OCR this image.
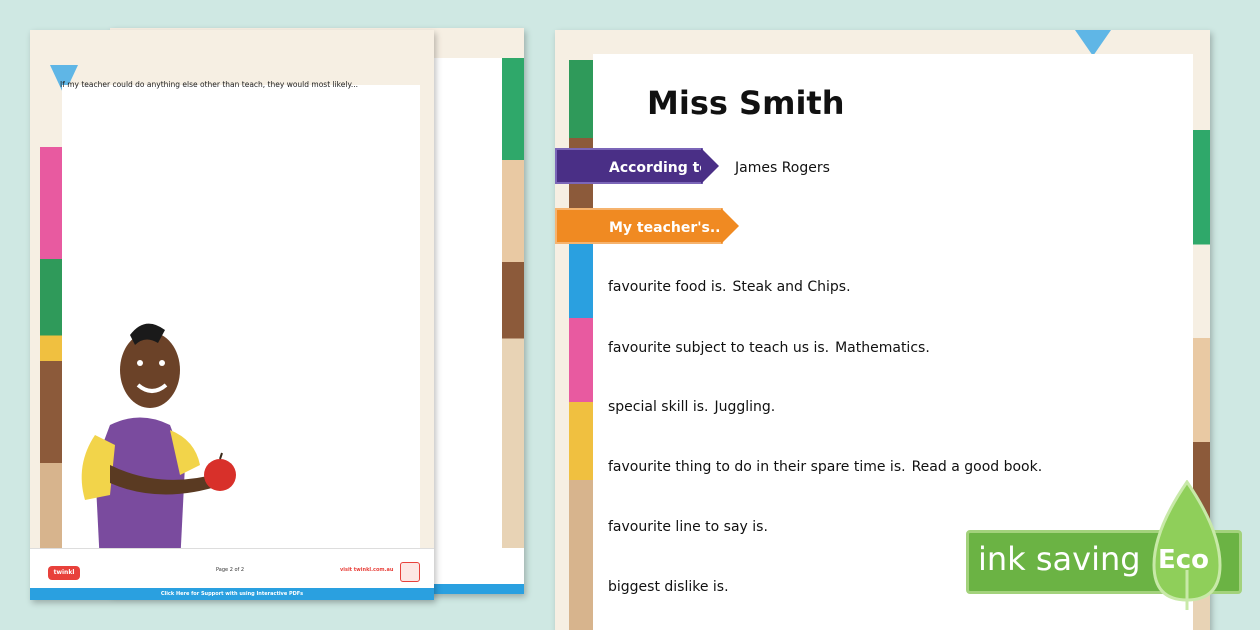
If my teacher could do anything else other than teach, they would most likely...
twinkl	Page 2 of 2	visit twinkl.com.au
Click Here for Support with using Interactive PDFs
Miss Smith
According to: James Rogers
My teacher's...
favourite food is. Steak and Chips.
favourite subject to teach us is. Mathematics.
special skill is. Juggling.
favourite thing to do in their spare time is. Read a good book.
favourite line to say is.
biggest dislike is.
ink saving Eco
